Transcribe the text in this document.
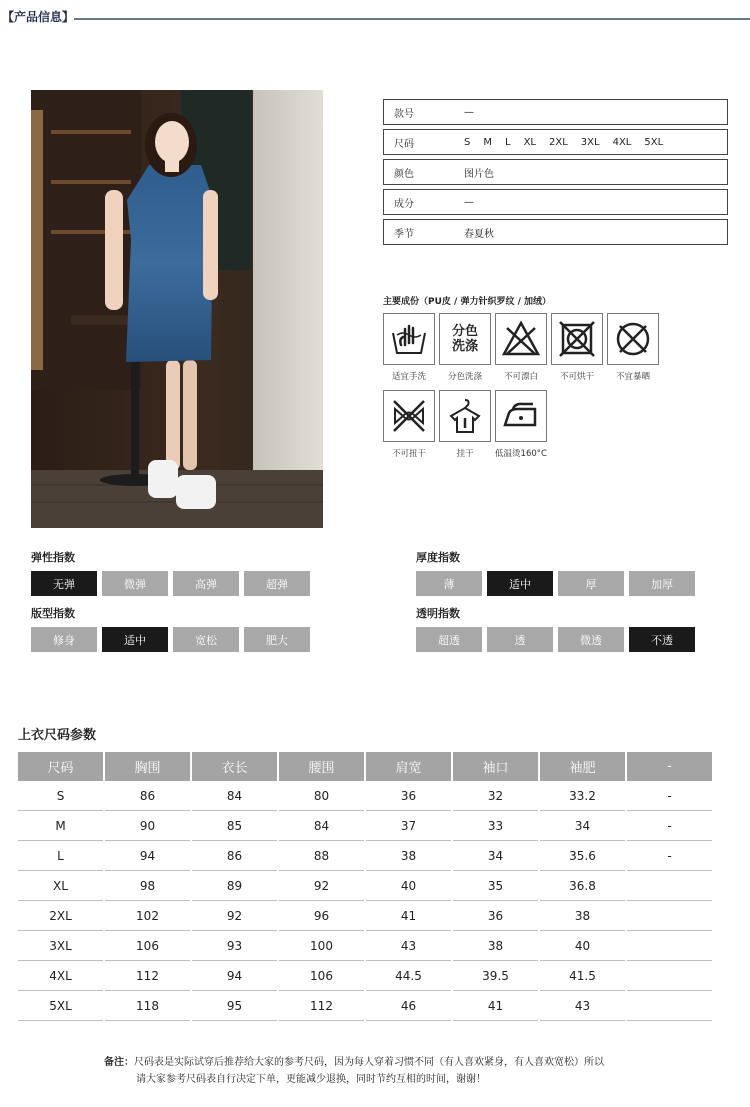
【产品信息】
款号	—
尺码	S M L XL 2XL 3XL 4XL 5XL
颜色	图片色
成分	—
季节	春夏秋
主要成份（PU皮 / 弹力针织罗纹 / 加绒）
适宜手洗
分色
洗涤
分色洗涤	不可漂白	不可烘干	不宜暴晒
不可扭干	挂干	低温烫160°C
弹性指数
无弹	微弹	高弹	超弹
厚度指数
薄	适中	厚	加厚
版型指数
修身	适中	宽松	肥大
透明指数
超透	透	微透	不透
上衣尺码参数
尺码	胸围	衣长	腰围	肩宽	袖口	袖肥	-
S	86	84	80	36	32	33.2	-
M	90	85	84	37	33	34	-
L	94	86	88	38	34	35.6	-
XL	98	89	92	40	35	36.8	
2XL	102	92	96	41	36	38	
3XL	106	93	100	43	38	40	
4XL	112	94	106	44.5	39.5	41.5	
5XL	118	95	112	46	41	43	
备注：尺码表是实际试穿后推荐给大家的参考尺码，因为每人穿着习惯不同（有人喜欢紧身，有人喜欢宽松）所以
请大家参考尺码表自行决定下单，更能减少退换，同时节约互相的时间，谢谢！
